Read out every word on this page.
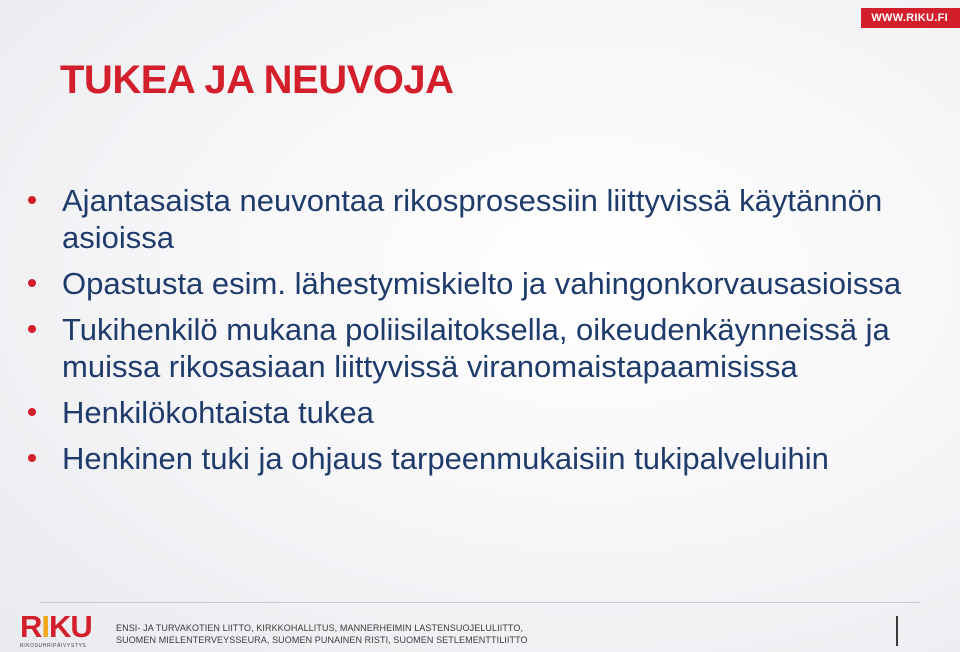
WWW.RIKU.FI
TUKEA JA NEUVOJA
Ajantasaista neuvontaa rikosprosessiin liittyvissä käytännön asioissa
Opastusta esim. lähestymiskielto ja vahingonkorvausasioissa
Tukihenkilö mukana poliisilaitoksella, oikeudenkäynneissä ja muissa rikosasiaan liittyvissä viranomaistapaamisissa
Henkilökohtaista tukea
Henkinen tuki ja ohjaus tarpeenmukaisiin tukipalveluihin
RIKU
RIKOSUHRIPÄIVYSTYS
ENSI- JA TURVAKOTIEN LIITTO, KIRKKOHALLITUS, MANNERHEIMIN LASTENSUOJELULIITTO,
SUOMEN MIELENTERVEYSSEURA, SUOMEN PUNAINEN RISTI, SUOMEN SETLEMENTTILIITTO
